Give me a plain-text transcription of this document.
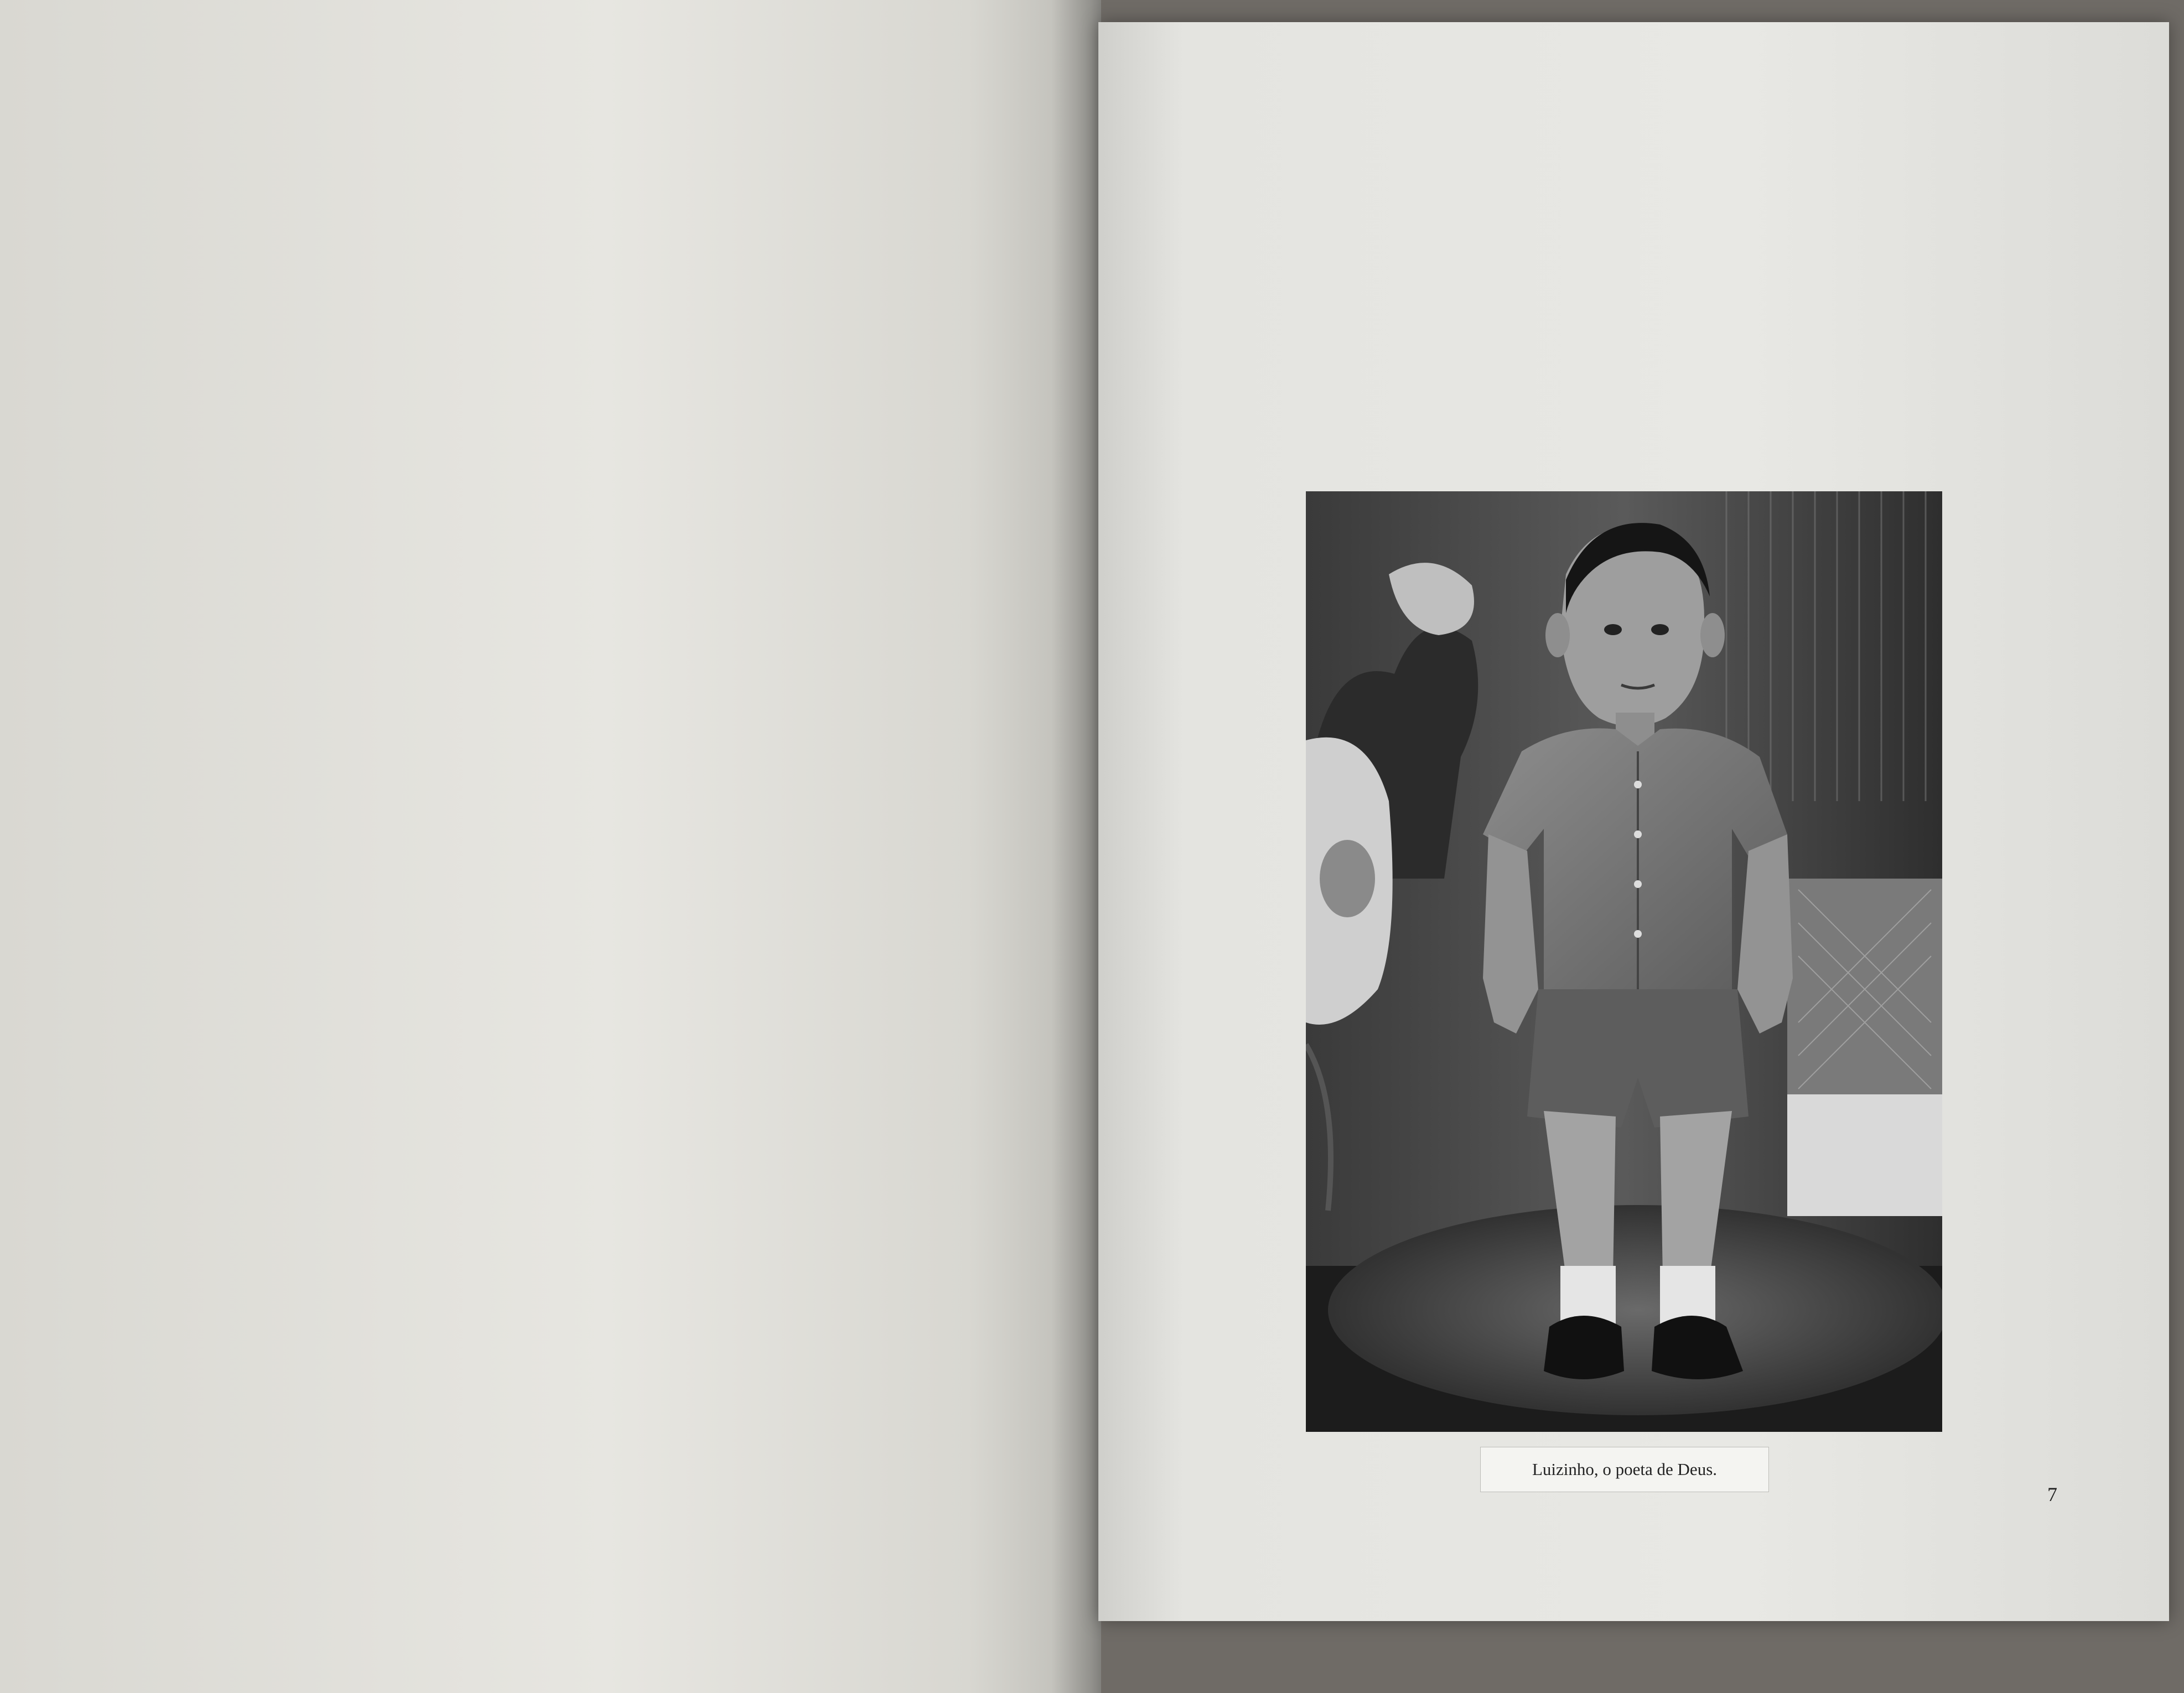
Luizinho, o poeta de Deus.
7
